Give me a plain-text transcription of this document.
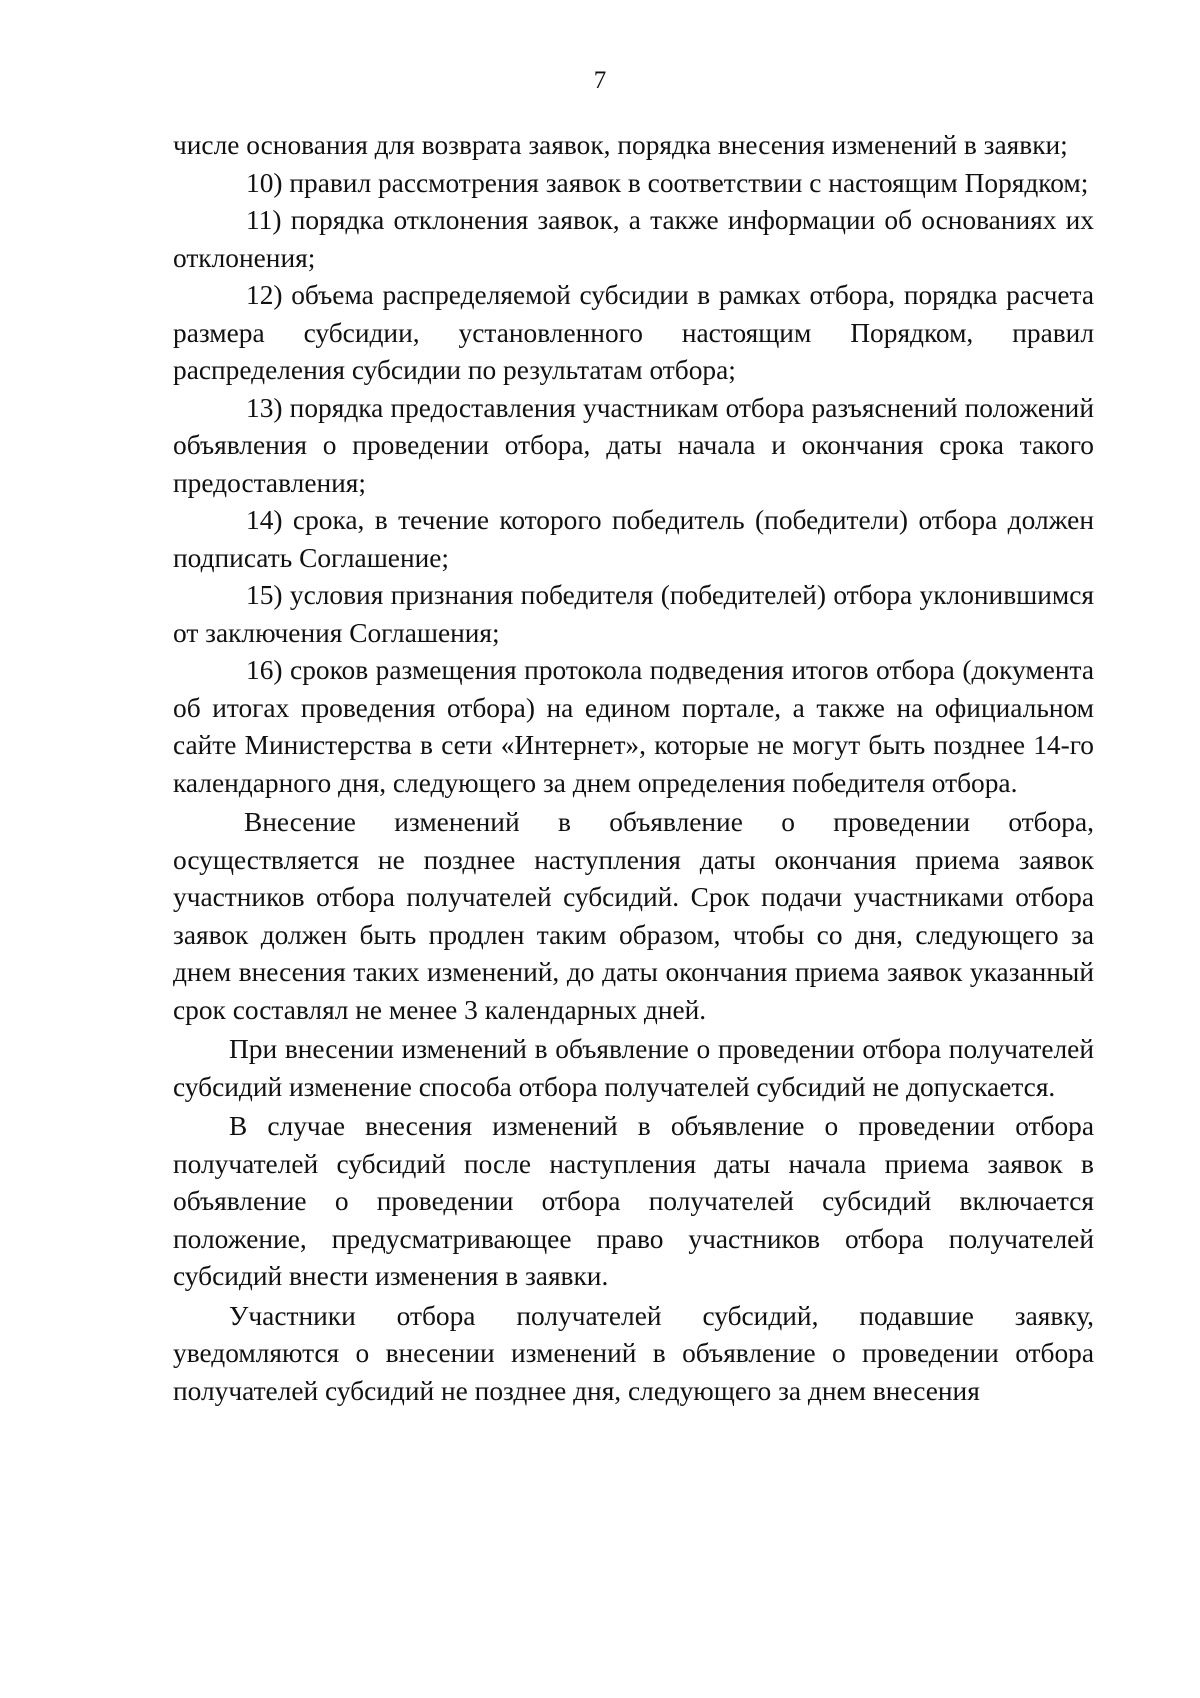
7

числе основания для возврата заявок, порядка внесения изменений в заявки;

10) правил рассмотрения заявок в соответствии с настоящим Порядком;

11) порядка отклонения заявок, а также информации об основаниях их отклонения;

12) объема распределяемой субсидии в рамках отбора, порядка расчета размера субсидии, установленного настоящим Порядком, правил распределения субсидии по результатам отбора;

13) порядка предоставления участникам отбора разъяснений положений объявления о проведении отбора, даты начала и окончания срока такого предоставления;

14) срока, в течение которого победитель (победители) отбора должен подписать Соглашение;

15) условия признания победителя (победителей) отбора уклонившимся от заключения Соглашения;

16) сроков размещения протокола подведения итогов отбора (документа об итогах проведения отбора) на едином портале, а также на официальном сайте Министерства в сети «Интернет», которые не могут быть позднее 14-го календарного дня, следующего за днем определения победителя отбора.

Внесение изменений в объявление о проведении отбора, осуществляется не позднее наступления даты окончания приема заявок участников отбора получателей субсидий. Срок подачи участниками отбора заявок должен быть продлен таким образом, чтобы со дня, следующего за днем внесения таких изменений, до даты окончания приема заявок указанный срок составлял не менее 3 календарных дней.

При внесении изменений в объявление о проведении отбора получателей субсидий изменение способа отбора получателей субсидий не допускается.

В случае внесения изменений в объявление о проведении отбора получателей субсидий после наступления даты начала приема заявок в объявление о проведении отбора получателей субсидий включается положение, предусматривающее право участников отбора получателей субсидий внести изменения в заявки.

Участники отбора получателей субсидий, подавшие заявку, уведомляются о внесении изменений в объявление о проведении отбора получателей субсидий не позднее дня, следующего за днем внесения
